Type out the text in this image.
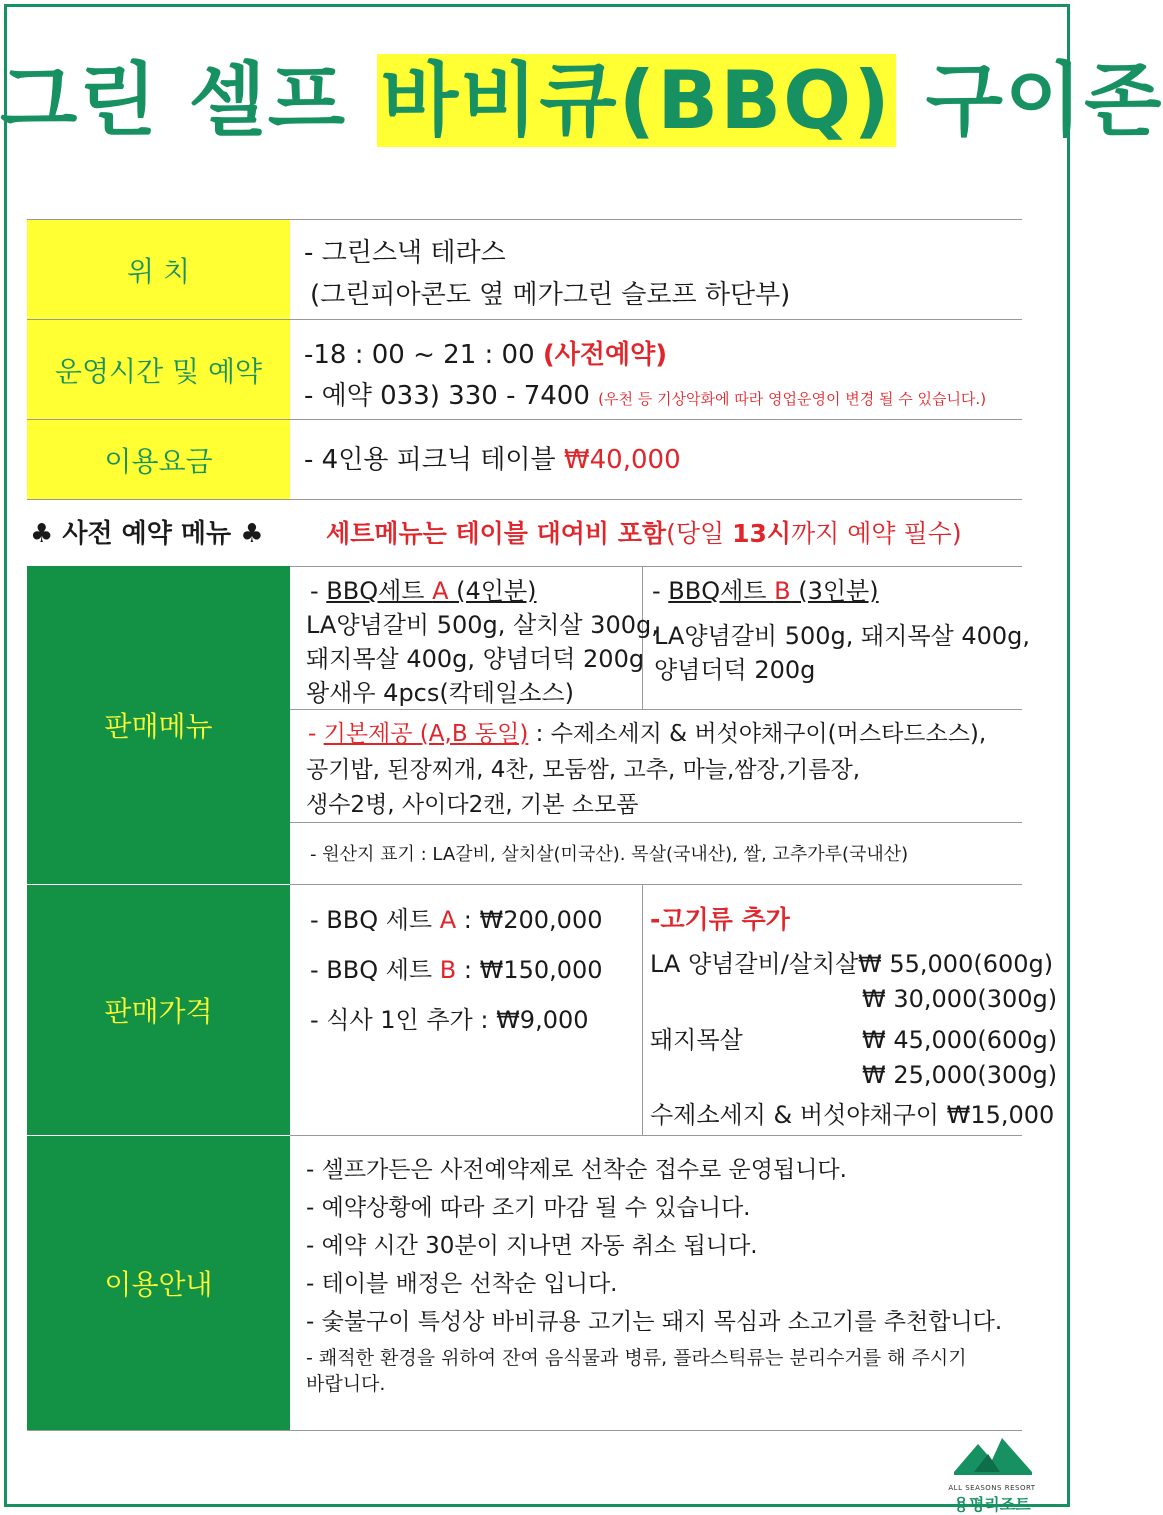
그린 셀프 바비큐(BBQ) 구이존
위 치
- 그린스낵 테라스
(그린피아콘도 옆 메가그린 슬로프 하단부)
운영시간 및 예약	-18 : 00 ~ 21 : 00 (사전예약)
- 예약 033) 330 - 7400 (우천 등 기상악화에 따라 영업운영이 변경 될 수 있습니다.)
이용요금	- 4인용 피크닉 테이블 ₩40,000
♣ 사전 예약 메뉴 ♣ 세트메뉴는 테이블 대여비 포함(당일 13시까지 예약 필수)
판매메뉴
- BBQ세트 A (4인분)
LA양념갈비 500g, 살치살 300g,
돼지목살 400g, 양념더덕 200g
왕새우 4pcs(칵테일소스)
- BBQ세트 B (3인분)
LA양념갈비 500g, 돼지목살 400g,
양념더덕 200g
- 기본제공 (A,B 동일) : 수제소세지 & 버섯야채구이(머스타드소스),
공기밥, 된장찌개, 4찬, 모둠쌈, 고추, 마늘,쌈장,기름장,
생수2병, 사이다2캔, 기본 소모품
- 원산지 표기 : LA갈비, 살치살(미국산). 목살(국내산), 쌀, 고추가루(국내산)
판매가격
- BBQ 세트 A : ₩200,000
- BBQ 세트 B : ₩150,000
- 식사 1인 추가 : ₩9,000
-고기류 추가
LA 양념갈비/살치살 ₩ 55,000(600g)
₩ 30,000(300g)
돼지목살	₩ 45,000(600g)
₩ 25,000(300g)
수제소세지 & 버섯야채구이 ₩15,000
이용안내
- 셀프가든은 사전예약제로 선착순 접수로 운영됩니다.
- 예약상황에 따라 조기 마감 될 수 있습니다.
- 예약 시간 30분이 지나면 자동 취소 됩니다.
- 테이블 배정은 선착순 입니다.
- 숯불구이 특성상 바비큐용 고기는 돼지 목심과 소고기를 추천합니다.
- 쾌적한 환경을 위하여 잔여 음식물과 병류, 플라스틱류는 분리수거를 해 주시기
바랍니다.
ALL SEASONS RESORT
용평리조트
